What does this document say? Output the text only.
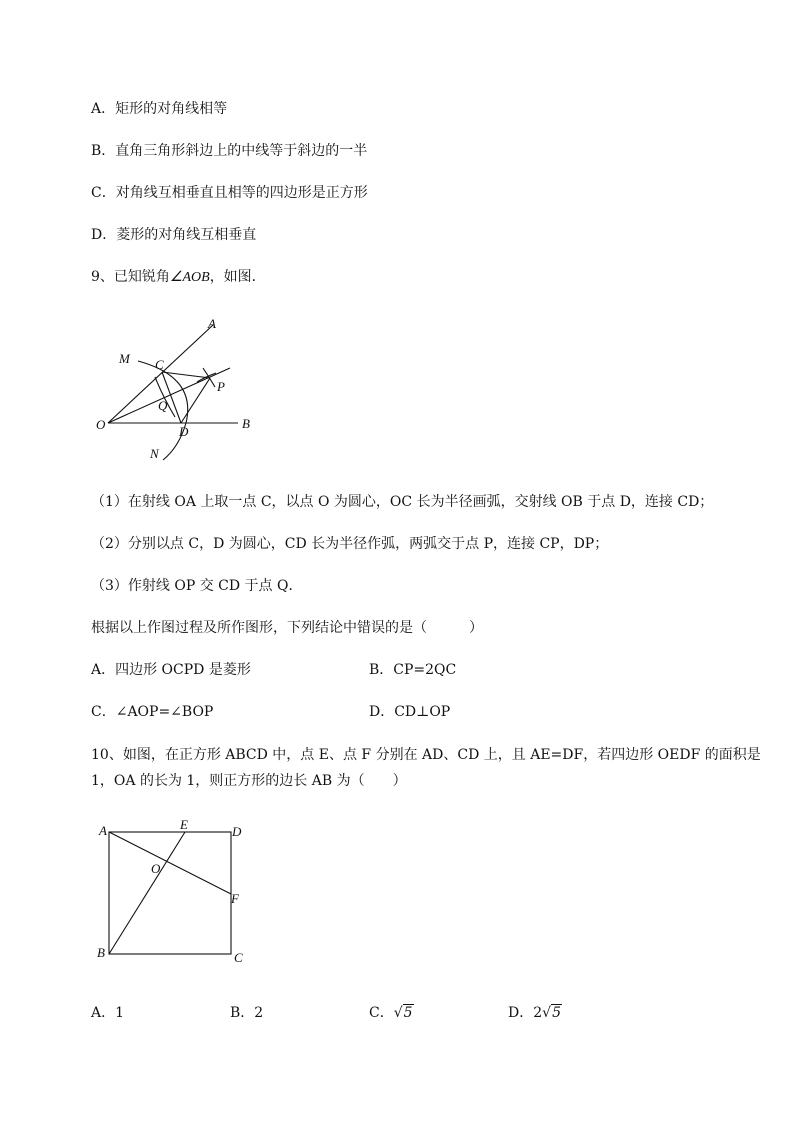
A．矩形的对角线相等
B．直角三角形斜边上的中线等于斜边的一半
C．对角线互相垂直且相等的四边形是正方形
D．菱形的对角线互相垂直
9、已知锐角∠AOB，如图．
A
M C
P
Q
O	D
B
N
（1）在射线 OA 上取一点 C，以点 O 为圆心，OC 长为半径画弧，交射线 OB 于点 D，连接 CD；
（2）分别以点 C，D 为圆心，CD 长为半径作弧，两弧交于点 P，连接 CP，DP；
（3）作射线 OP 交 CD 于点 Q．
根据以上作图过程及所作图形，下列结论中错误的是（　　　）
A．四边形 OCPD 是菱形	B．CP=2QC
C．∠AOP=∠BOP	D．CD⊥OP
10、如图，在正方形 ABCD 中，点 E、点 F 分别在 AD、CD 上，且 AE=DF，若四边形 OEDF 的面积是
1，OA 的长为 1，则正方形的边长 AB 为（　　）
A	E	D
O
F
B	C
A．1	B．2	C．√5	D．2√5
